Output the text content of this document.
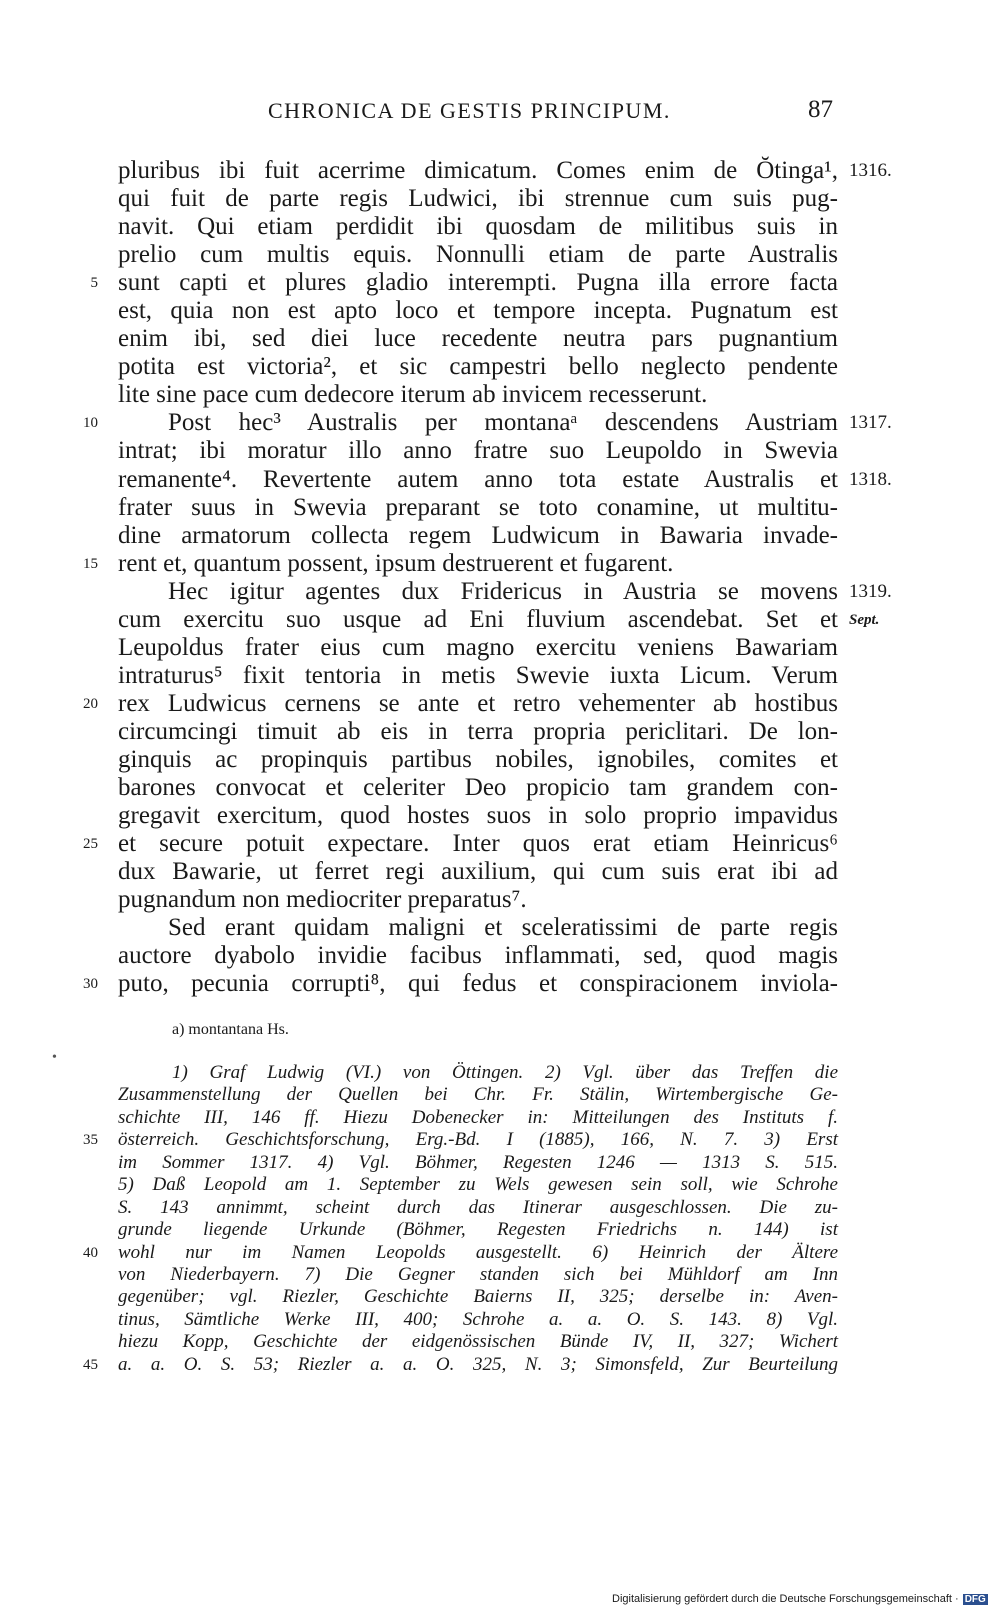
CHRONICA DE GESTIS PRINCIPUM.	87
pluribus ibi fuit acerrime dimicatum. Comes enim de Ŏtinga¹, 1316.
qui fuit de parte regis Ludwici, ibi strennue cum suis pug-
navit. Qui etiam perdidit ibi quosdam de militibus suis in
prelio cum multis equis. Nonnulli etiam de parte Australis
5 sunt capti et plures gladio interempti. Pugna illa errore facta
est, quia non est apto loco et tempore incepta. Pugnatum est
enim ibi, sed diei luce recedente neutra pars pugnantium
potita est victoria², et sic campestri bello neglecto pendente
lite sine pace cum dedecore iterum ab invicem recesserunt.
10	Post hec³ Australis per montanaᵃ descendens Austriam 1317.
intrat; ibi moratur illo anno fratre suo Leupoldo in Swevia
remanente⁴. Revertente autem anno tota estate Australis et 1318.
frater suus in Swevia preparant se toto conamine, ut multitu-
dine armatorum collecta regem Ludwicum in Bawaria invade-
15 rent et, quantum possent, ipsum destruerent et fugarent.
Hec igitur agentes dux Fridericus in Austria se movens 1319.
cum exercitu suo usque ad Eni fluvium ascendebat. Set et Sept.
Leupoldus frater eius cum magno exercitu veniens Bawariam
intraturus⁵ fixit tentoria in metis Swevie iuxta Licum. Verum
20 rex Ludwicus cernens se ante et retro vehementer ab hostibus
circumcingi timuit ab eis in terra propria periclitari. De lon-
ginquis ac propinquis partibus nobiles, ignobiles, comites et
barones convocat et celeriter Deo propicio tam grandem con-
gregavit exercitum, quod hostes suos in solo proprio impavidus
25 et secure potuit expectare. Inter quos erat etiam Heinricus⁶
dux Bawarie, ut ferret regi auxilium, qui cum suis erat ibi ad
pugnandum non mediocriter preparatus⁷.
Sed erant quidam maligni et sceleratissimi de parte regis
auctore dyabolo invidie facibus inflammati, sed, quod magis
30 puto, pecunia corrupti⁸, qui fedus et conspiracionem inviola-
a) montantana Hs.
1) Graf Ludwig (VI.) von Öttingen. 2) Vgl. über das Treffen die
Zusammenstellung der Quellen bei Chr. Fr. Stälin, Wirtembergische Ge-
schichte III, 146 ff. Hiezu Dobenecker in: Mitteilungen des Instituts f.
35 österreich. Geschichtsforschung, Erg.-Bd. I (1885), 166, N. 7. 3) Erst
im Sommer 1317. 4) Vgl. Böhmer, Regesten 1246 — 1313 S. 515.
5) Daß Leopold am 1. September zu Wels gewesen sein soll, wie Schrohe
S. 143 annimmt, scheint durch das Itinerar ausgeschlossen. Die zu-
grunde liegende Urkunde (Böhmer, Regesten Friedrichs n. 144) ist
40 wohl nur im Namen Leopolds ausgestellt. 6) Heinrich der Ältere
von Niederbayern. 7) Die Gegner standen sich bei Mühldorf am Inn
gegenüber; vgl. Riezler, Geschichte Baierns II, 325; derselbe in: Aven-
tinus, Sämtliche Werke III, 400; Schrohe a. a. O. S. 143. 8) Vgl.
hiezu Kopp, Geschichte der eidgenössischen Bünde IV, II, 327; Wichert
45 a. a. O. S. 53; Riezler a. a. O. 325, N. 3; Simonsfeld, Zur Beurteilung
•
Digitalisierung gefördert durch die Deutsche Forschungsgemeinschaft · DFG
